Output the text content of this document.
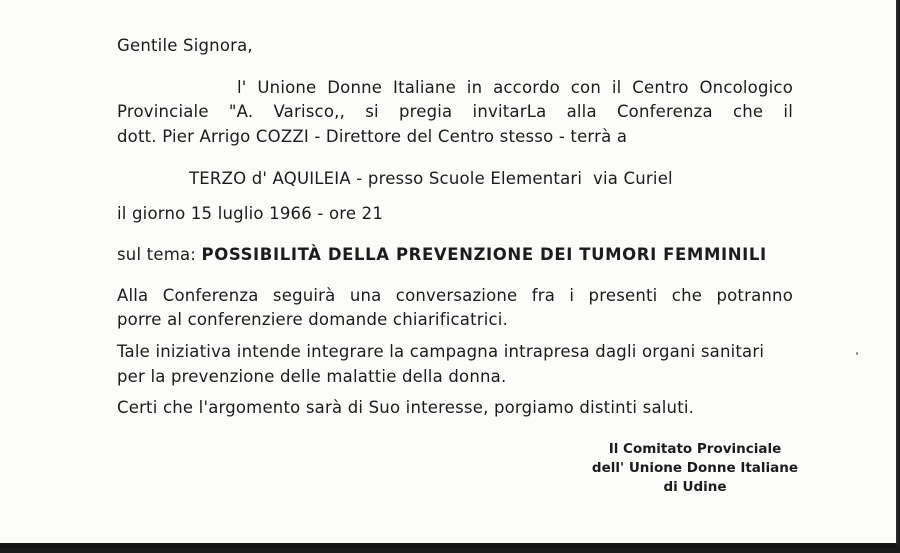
Gentile Signora,
l' Unione Donne Italiane in accordo con il Centro Oncologico
Provinciale "A. Varisco,, si pregia invitarLa alla Conferenza che il
dott. Pier Arrigo COZZI - Direttore del Centro stesso - terrà a
TERZO d' AQUILEIA - presso Scuole Elementari  via Curiel
il giorno 15 luglio 1966 - ore 21
sul tema: POSSIBILITÀ DELLA PREVENZIONE DEI TUMORI FEMMINILI
Alla Conferenza seguirà una conversazione fra i presenti che potranno
porre al conferenziere domande chiarificatrici.
Tale iniziativa intende integrare la campagna intrapresa dagli organi sanitari
per la prevenzione delle malattie della donna.
Certi che l'argomento sarà di Suo interesse, porgiamo distinti saluti.
Il Comitato Provinciale
dell' Unione Donne Italiane
di Udine
